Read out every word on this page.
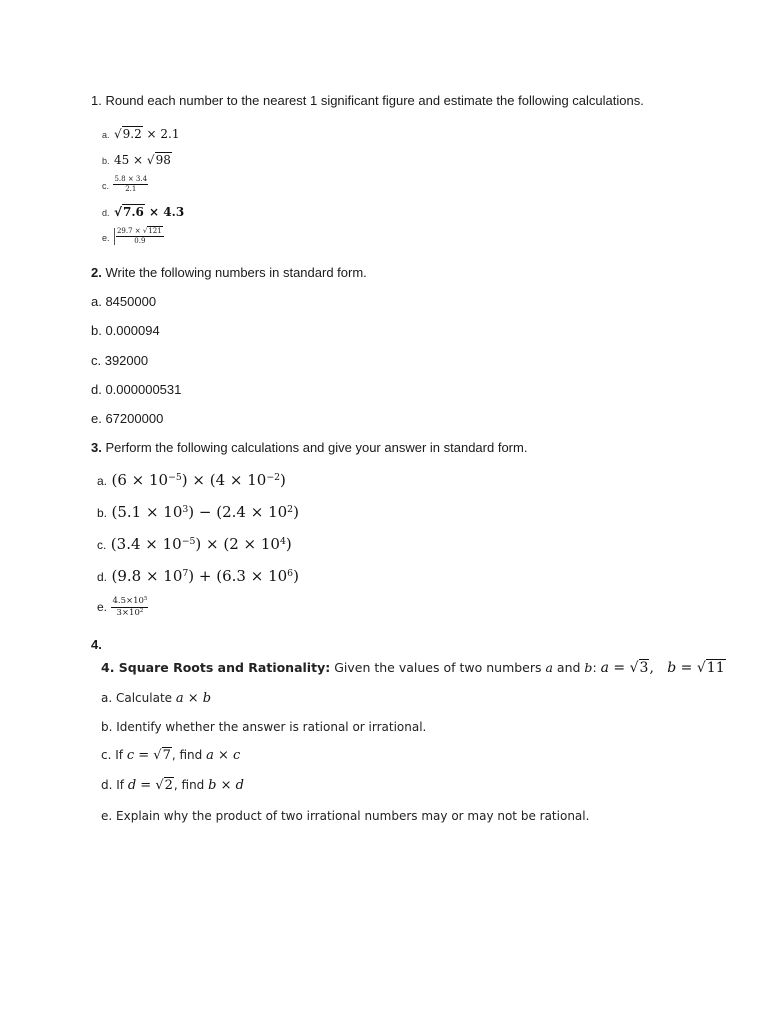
1. Round each number to the nearest 1 significant figure and estimate the following calculations.
a. √9.2 × 2.1
b. 45 × √98
c. $\frac{5.8 \times 3.4}{2.1}$
d. √7.6 × 4.3
e. $\frac{29.7 \times √121}{0.9}$
2. Write the following numbers in standard form.
a. 8450000
b. 0.000094
c. 392000
d. 0.000000531
e. 67200000
3. Perform the following calculations and give your answer in standard form.
a. $(6 \times 10^{-5}) \times (4 \times 10^{-2})$
b. $(5.1 \times 10^3) - (2.4 \times 10^2)$
c. $(3.4 \times 10^{-5}) \times (2 \times 10^4)$
d. $(9.8 \times 10^7) + (6.3 \times 10^6)$
e. $\frac{4.5\times 10^5}{3\times 10^2}$
4.
4. Square Roots and Rationality: Given the values of two numbers a and b: a = √3,   b = √11
a. Calculate a × b
b. Identify whether the answer is rational or irrational.
c. If c = √7, find a × c
d. If d = √2, find b × d
e. Explain why the product of two irrational numbers may or may not be rational.
